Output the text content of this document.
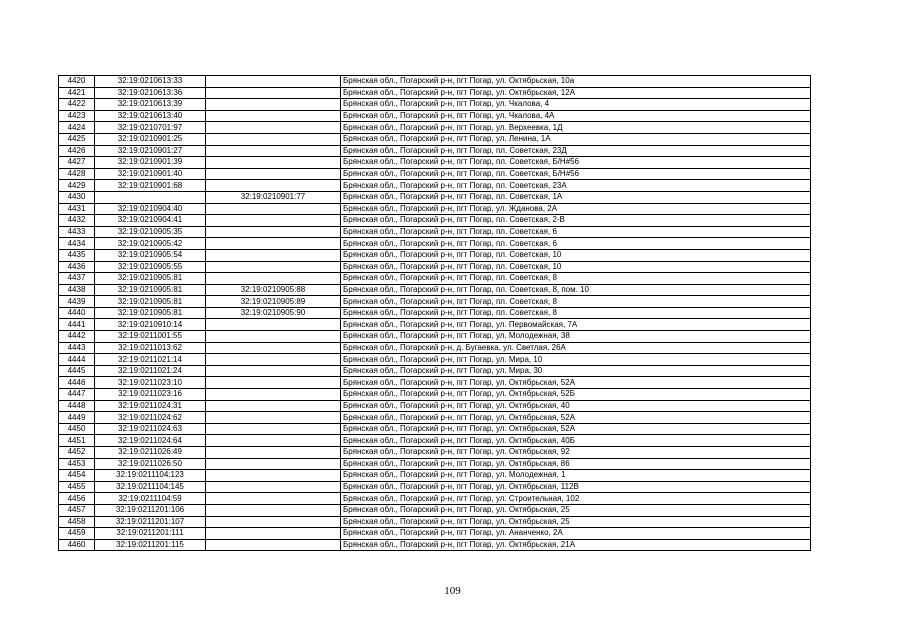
4420	32:19:0210613:33		Брянская обл., Погарский р-н, пгт Погар, ул. Октябрьская, 10а
4421	32:19:0210613:36		Брянская обл., Погарский р-н, пгт Погар, ул. Октябрьская, 12А
4422	32:19:0210613:39		Брянская обл., Погарский р-н, пгт Погар, ул. Чкалова, 4
4423	32:19:0210613:40		Брянская обл., Погарский р-н, пгт Погар, ул. Чкалова, 4А
4424	32:19:0210701:97		Брянская обл., Погарский р-н, пгт Погар, ул. Верхеевка, 1Д
4425	32:19:0210901:25		Брянская обл., Погарский р-н, пгт Погар, ул. Ленина, 1А
4426	32:19:0210901:27		Брянская обл., Погарский р-н, пгт Погар, пл. Советская, 23Д
4427	32:19:0210901:39		Брянская обл., Погарский р-н, пгт Погар, пл. Советская, Б/Н#56
4428	32:19:0210901:40		Брянская обл., Погарский р-н, пгт Погар, пл. Советская, Б/Н#56
4429	32:19:0210901:68		Брянская обл., Погарский р-н, пгт Погар, пл. Советская, 23А
4430		32:19:0210901:77	Брянская обл., Погарский р-н, пгт Погар, пл. Советская, 1А
4431	32:19:0210904:40		Брянская обл., Погарский р-н, пгт Погар, ул. Жданова, 2А
4432	32:19:0210904:41		Брянская обл., Погарский р-н, пгт Погар, пл. Советская, 2-В
4433	32:19:0210905:35		Брянская обл., Погарский р-н, пгт Погар, пл. Советская, 6
4434	32:19:0210905:42		Брянская обл., Погарский р-н, пгт Погар, пл. Советская, 6
4435	32:19:0210905:54		Брянская обл., Погарский р-н, пгт Погар, пл. Советская, 10
4436	32:19:0210905:55		Брянская обл., Погарский р-н, пгт Погар, пл. Советская, 10
4437	32:19:0210905:81		Брянская обл., Погарский р-н, пгт Погар, пл. Советская, 8
4438	32:19:0210905:81	32:19:0210905:88	Брянская обл., Погарский р-н, пгт Погар, пл. Советская, 8, пом. 10
4439	32:19:0210905:81	32:19:0210905:89	Брянская обл., Погарский р-н, пгт Погар, пл. Советская, 8
4440	32:19:0210905:81	32:19:0210905:90	Брянская обл., Погарский р-н, пгт Погар, пл. Советская, 8
4441	32:19:0210910:14		Брянская обл., Погарский р-н, пгт Погар, ул. Первомайская, 7А
4442	32:19:0211001:55		Брянская обл., Погарский р-н, пгт Погар, ул. Молодежная, 38
4443	32:19:0211013:62		Брянская обл., Погарский р-н, д. Бугаевка, ул. Светлая, 26А
4444	32:19:0211021:14		Брянская обл., Погарский р-н, пгт Погар, ул. Мира, 10
4445	32:19:0211021:24		Брянская обл., Погарский р-н, пгт Погар, ул. Мира, 30
4446	32:19:0211023:10		Брянская обл., Погарский р-н, пгт Погар, ул. Октябрьская, 52А
4447	32:19:0211023:16		Брянская обл., Погарский р-н, пгт Погар, ул. Октябрьская, 52Б
4448	32:19:0211024:31		Брянская обл., Погарский р-н, пгт Погар, ул. Октябрьская, 40
4449	32:19:0211024:62		Брянская обл., Погарский р-н, пгт Погар, ул. Октябрьская, 52А
4450	32:19:0211024:63		Брянская обл., Погарский р-н, пгт Погар, ул. Октябрьская, 52А
4451	32:19:0211024:64		Брянская обл., Погарский р-н, пгт Погар, ул. Октябрьская, 40Б
4452	32:19:0211026:49		Брянская обл., Погарский р-н, пгт Погар, ул. Октябрьская, 92
4453	32:19:0211026:50		Брянская обл., Погарский р-н, пгт Погар, ул. Октябрьская, 86
4454	32:19:0211104:123		Брянская обл., Погарский р-н, пгт Погар, ул. Молодежная, 1
4455	32:19:0211104:145		Брянская обл., Погарский р-н, пгт Погар, ул. Октябрьская, 112В
4456	32:19:0211104:59		Брянская обл., Погарский р-н, пгт Погар, ул. Строительная, 102
4457	32:19:0211201:106		Брянская обл., Погарский р-н, пгт Погар, ул. Октябрьская, 25
4458	32:19:0211201:107		Брянская обл., Погарский р-н, пгт Погар, ул. Октябрьская, 25
4459	32:19:0211201:111		Брянская обл., Погарский р-н, пгт Погар, ул. Ананченко, 2А
4460	32:19:0211201:115		Брянская обл., Погарский р-н, пгт Погар, ул. Октябрьская, 21А
109
